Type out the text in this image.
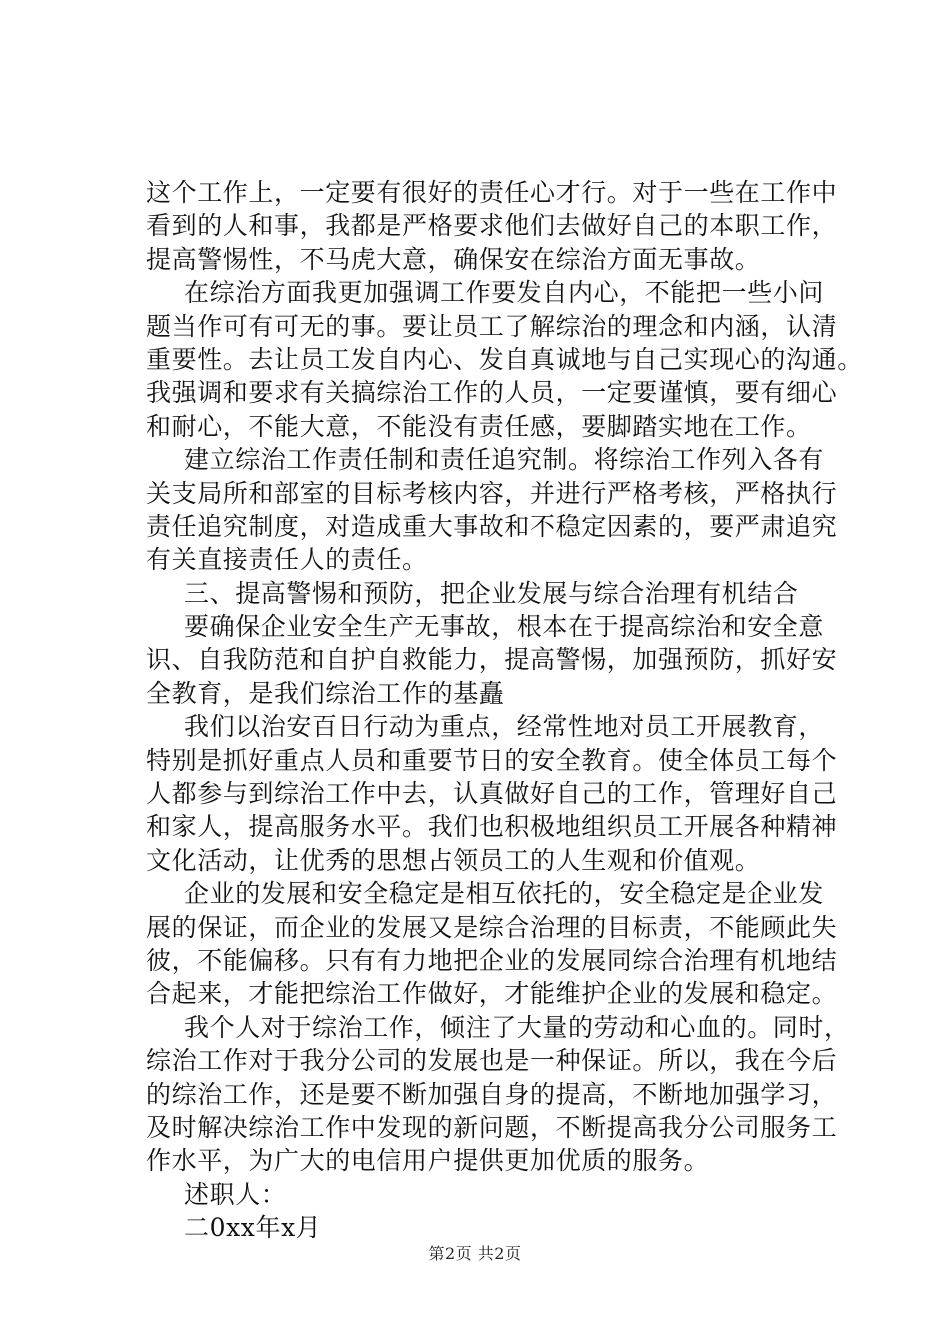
这个工作上，一定要有很好的责任心才行。对于一些在工作中
看到的人和事，我都是严格要求他们去做好自己的本职工作，
提高警惕性，不马虎大意，确保安在综治方面无事故。
在综治方面我更加强调工作要发自内心，不能把一些小问
题当作可有可无的事。要让员工了解综治的理念和内涵，认清
重要性。去让员工发自内心、发自真诚地与自己实现心的沟通。
我强调和要求有关搞综治工作的人员，一定要谨慎，要有细心
和耐心，不能大意，不能没有责任感，要脚踏实地在工作。
建立综治工作责任制和责任追究制。将综治工作列入各有
关支局所和部室的目标考核内容，并进行严格考核，严格执行
责任追究制度，对造成重大事故和不稳定因素的，要严肃追究
有关直接责任人的责任。
三、提高警惕和预防，把企业发展与综合治理有机结合
要确保企业安全生产无事故，根本在于提高综治和安全意
识、自我防范和自护自救能力，提高警惕，加强预防，抓好安
全教育，是我们综治工作的基矗
我们以治安百日行动为重点，经常性地对员工开展教育，
特别是抓好重点人员和重要节日的安全教育。使全体员工每个
人都参与到综治工作中去，认真做好自己的工作，管理好自己
和家人，提高服务水平。我们也积极地组织员工开展各种精神
文化活动，让优秀的思想占领员工的人生观和价值观。
企业的发展和安全稳定是相互依托的，安全稳定是企业发
展的保证，而企业的发展又是综合治理的目标责，不能顾此失
彼，不能偏移。只有有力地把企业的发展同综合治理有机地结
合起来，才能把综治工作做好，才能维护企业的发展和稳定。
我个人对于综治工作，倾注了大量的劳动和心血的。同时，
综治工作对于我分公司的发展也是一种保证。所以，我在今后
的综治工作，还是要不断加强自身的提高，不断地加强学习，
及时解决综治工作中发现的新问题，不断提高我分公司服务工
作水平，为广大的电信用户提供更加优质的服务。
述职人：
二0xx年x月
第2页 共2页
